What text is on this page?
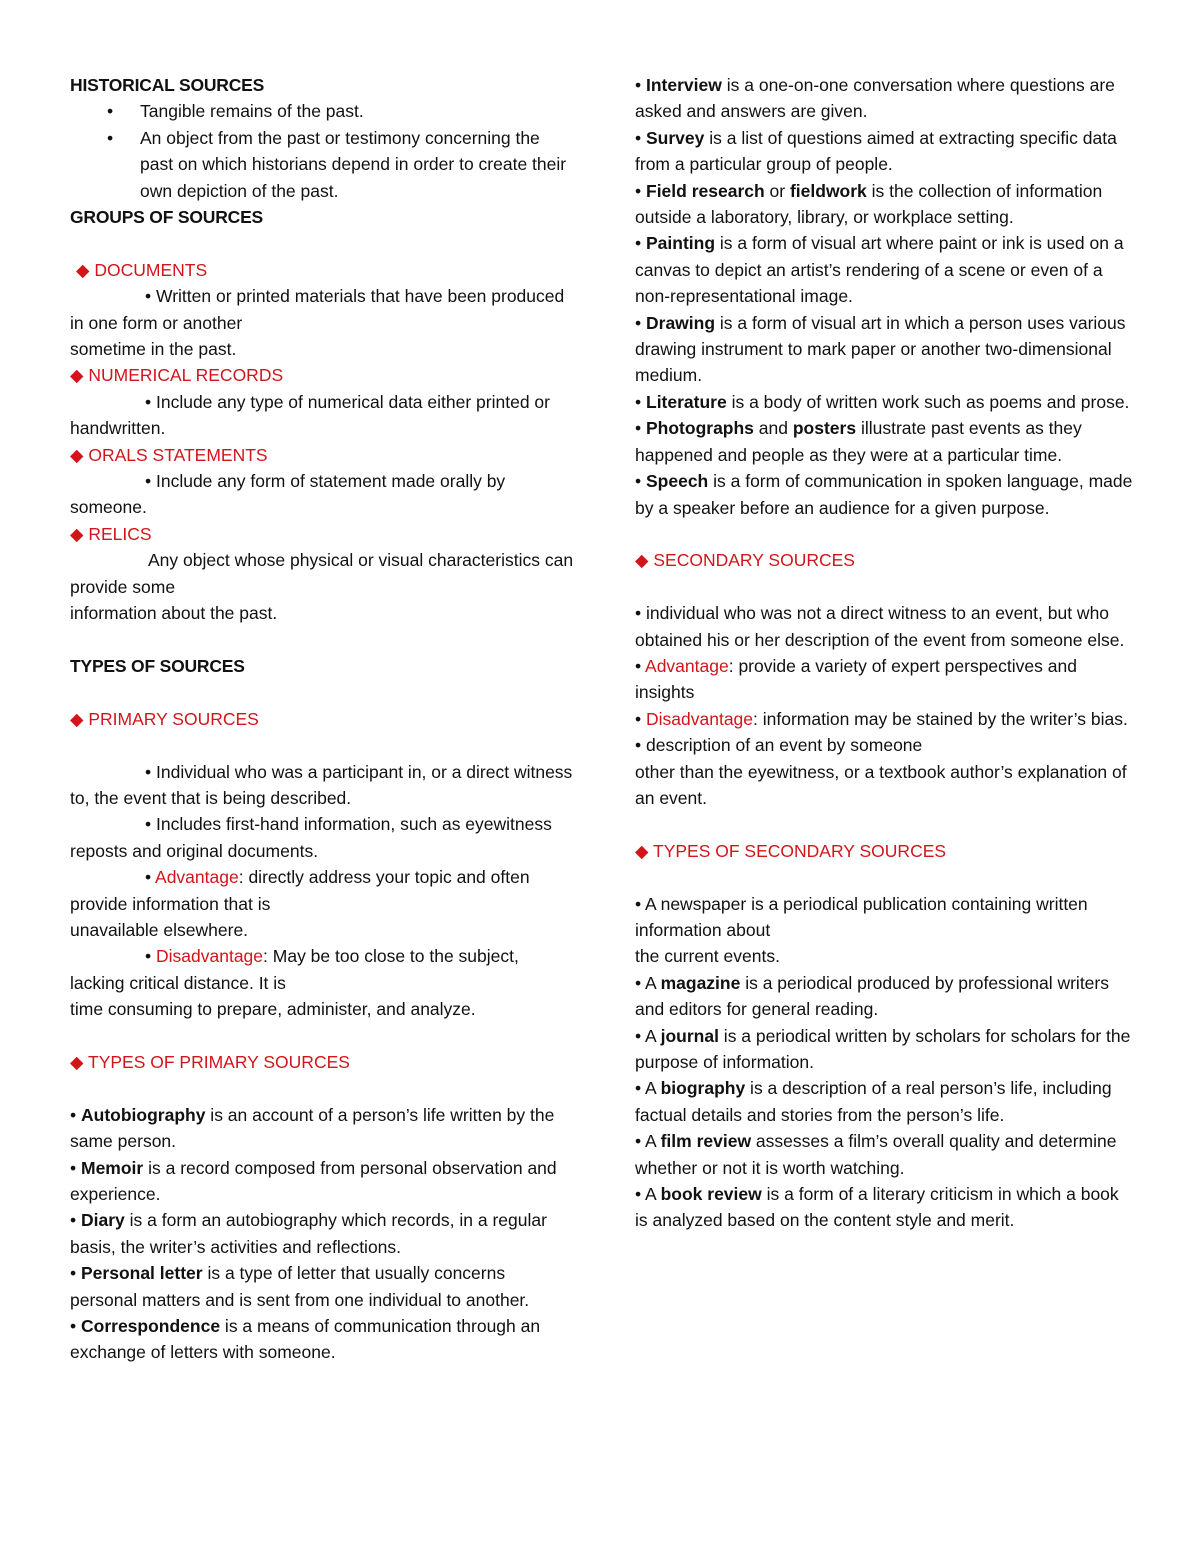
HISTORICAL SOURCES

• Tangible remains of the past.
• An object from the past or testimony concerning the past on which historians depend in order to create their own depiction of the past.

GROUPS OF SOURCES

◆ DOCUMENTS

• Written or printed materials that have been produced in one form or another

sometime in the past.

◆ NUMERICAL RECORDS

• Include any type of numerical data either printed or handwritten.

◆ ORALS STATEMENTS

• Include any form of statement made orally by someone.

◆ RELICS

Any object whose physical or visual characteristics can provide some

information about the past.

TYPES OF SOURCES

◆ PRIMARY SOURCES

• Individual who was a participant in, or a direct witness to, the event that is being described.

• Includes first-hand information, such as eyewitness reposts and original documents.

• Advantage: directly address your topic and often provide information that is

unavailable elsewhere.

• Disadvantage: May be too close to the subject, lacking critical distance. It is

time consuming to prepare, administer, and analyze.

◆ TYPES OF PRIMARY SOURCES

• Autobiography is an account of a person’s life written by the same person.

• Memoir is a record composed from personal observation and experience.

• Diary is a form an autobiography which records, in a regular basis, the writer’s activities and reflections.

• Personal letter is a type of letter that usually concerns personal matters and is sent from one individual to another.

• Correspondence is a means of communication through an exchange of letters with someone.

• Interview is a one-on-one conversation where questions are asked and answers are given.

• Survey is a list of questions aimed at extracting specific data from a particular group of people.

• Field research or fieldwork is the collection of information outside a laboratory, library, or workplace setting.

• Painting is a form of visual art where paint or ink is used on a canvas to depict an artist’s rendering of a scene or even of a non-representational image.

• Drawing is a form of visual art in which a person uses various drawing instrument to mark paper or another two-dimensional medium.

• Literature is a body of written work such as poems and prose.

• Photographs and posters illustrate past events as they happened and people as they were at a particular time.

• Speech is a form of communication in spoken language, made by a speaker before an audience for a given purpose.

◆ SECONDARY SOURCES

• individual who was not a direct witness to an event, but who obtained his or her description of the event from someone else.

• Advantage: provide a variety of expert perspectives and insights

• Disadvantage: information may be stained by the writer’s bias.

• description of an event by someone

other than the eyewitness, or a textbook author’s explanation of an event.

◆ TYPES OF SECONDARY SOURCES

• A newspaper is a periodical publication containing written information about

the current events.

• A magazine is a periodical produced by professional writers and editors for general reading.

• A journal is a periodical written by scholars for scholars for the purpose of information.

• A biography is a description of a real person’s life, including factual details and stories from the person’s life.

• A film review assesses a film’s overall quality and determine whether or not it is worth watching.

• A book review is a form of a literary criticism in which a book is analyzed based on the content style and merit.
